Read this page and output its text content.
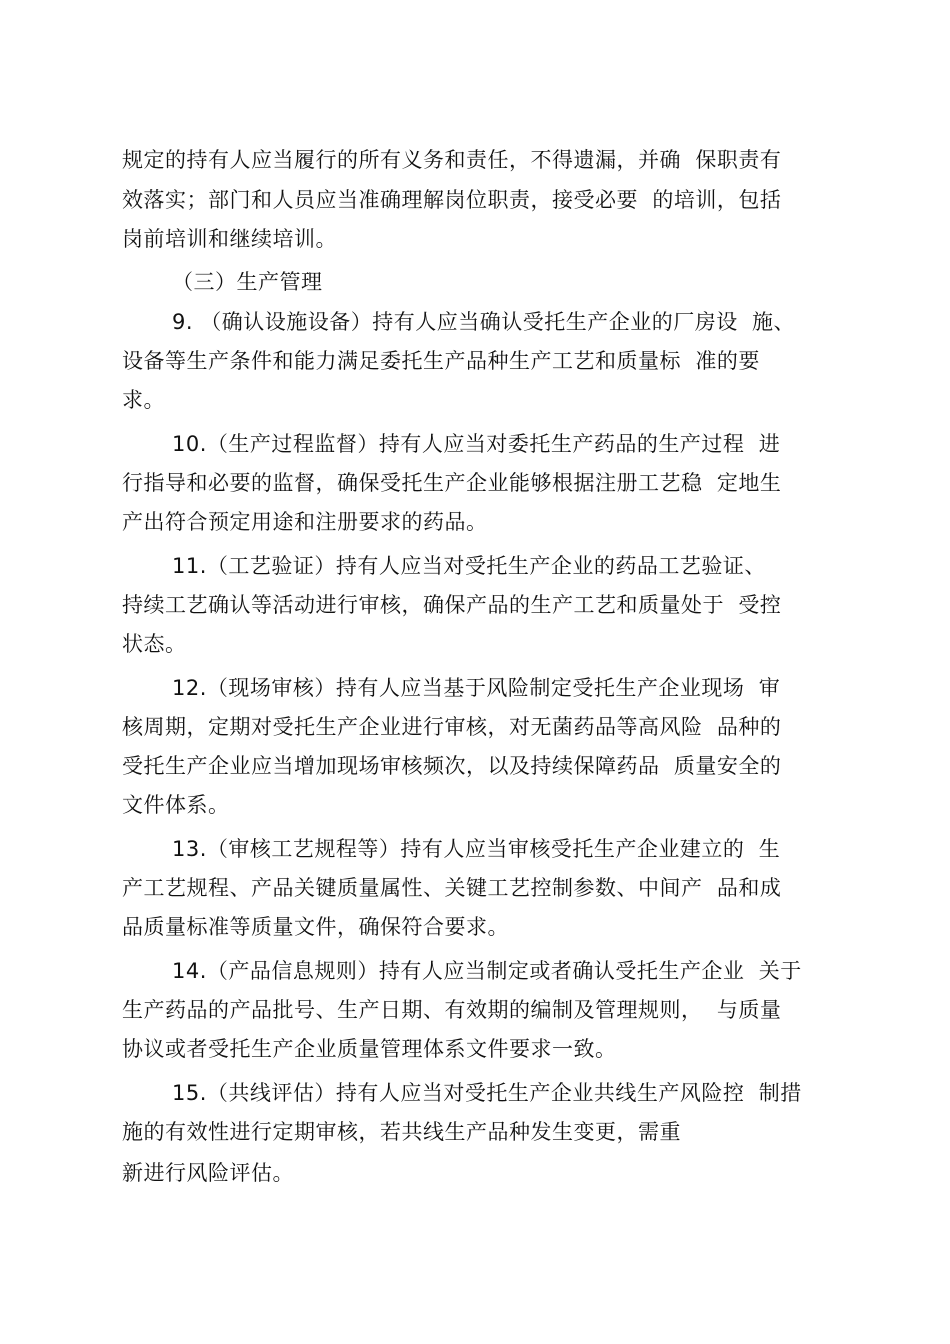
规定的持有人应当履行的所有义务和责任，不得遗漏，并确  保职责有
效落实；部门和人员应当准确理解岗位职责，接受必要  的培训，包括
岗前培训和继续培训。
（三）生产管理
9. （确认设施设备）持有人应当确认受托生产企业的厂房设  施、
设备等生产条件和能力满足委托生产品种生产工艺和质量标  准的要
求。
10.（生产过程监督）持有人应当对委托生产药品的生产过程  进
行指导和必要的监督，确保受托生产企业能够根据注册工艺稳  定地生
产出符合预定用途和注册要求的药品。
11.（工艺验证）持有人应当对受托生产企业的药品工艺验证、
持续工艺确认等活动进行审核，确保产品的生产工艺和质量处于  受控
状态。
12.（现场审核）持有人应当基于风险制定受托生产企业现场  审
核周期，定期对受托生产企业进行审核，对无菌药品等高风险  品种的
受托生产企业应当增加现场审核频次，以及持续保障药品  质量安全的
文件体系。
13.（审核工艺规程等）持有人应当审核受托生产企业建立的  生
产工艺规程、产品关键质量属性、关键工艺控制参数、中间产  品和成
品质量标准等质量文件，确保符合要求。
14.（产品信息规则）持有人应当制定或者确认受托生产企业  关于
生产药品的产品批号、生产日期、有效期的编制及管理规则，  与质量
协议或者受托生产企业质量管理体系文件要求一致。
15.（共线评估）持有人应当对受托生产企业共线生产风险控  制措
施的有效性进行定期审核，若共线生产品种发生变更，需重
新进行风险评估。
